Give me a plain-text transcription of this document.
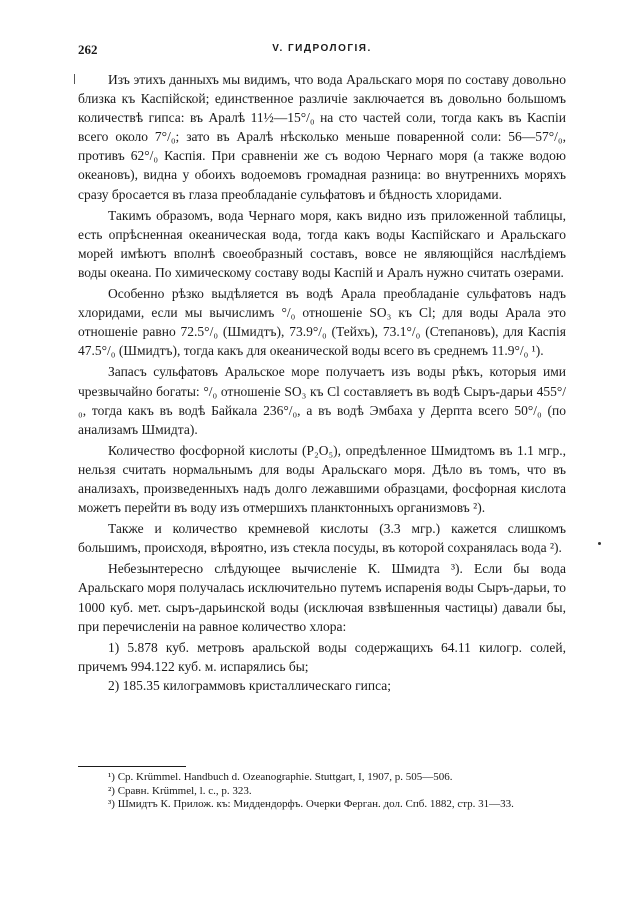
262	V. ГИДРОЛОГІЯ.

Изъ этихъ данныхъ мы видимъ, что вода Аральскаго моря по составу довольно близка къ Каспійской; единственное различіе заключается въ довольно большомъ количествѣ гипса: въ Аралѣ 11½—15°/₀ на сто частей соли, тогда какъ въ Каспіи всего около 7°/₀; зато въ Аралѣ нѣсколько меньше поваренной соли: 56—57°/₀, противъ 62°/₀ Каспія. При сравненіи же съ водою Чернаго моря (а также водою океановъ), видна у обоихъ водоемовъ громадная разница: во внутреннихъ моряхъ сразу бросается въ глаза преобладаніе сульфатовъ и бѣдность хлоридами.

Такимъ образомъ, вода Чернаго моря, какъ видно изъ приложенной таблицы, есть опрѣсненная океаническая вода, тогда какъ воды Каспійскаго и Аральскаго морей имѣютъ вполнѣ своеобразный составъ, вовсе не являющійся наслѣдіемъ воды океана. По химическому составу воды Каспій и Аралъ нужно считать озерами.

Особенно рѣзко выдѣляется въ водѣ Арала преобладаніе сульфатовъ надъ хлоридами, если мы вычислимъ °/₀ отношеніе SO₃ къ Cl; для воды Арала это отношеніе равно 72.5°/₀ (Шмидтъ), 73.9°/₀ (Тейхъ), 73.1°/₀ (Степановъ), для Каспія 47.5°/₀ (Шмидтъ), тогда какъ для океанической воды всего въ среднемъ 11.9°/₀ ¹).

Запасъ сульфатовъ Аральское море получаетъ изъ воды рѣкъ, которыя ими чрезвычайно богаты: °/₀ отношеніе SO₃ къ Cl составляетъ въ водѣ Сыръ-дарьи 455°/₀, тогда какъ въ водѣ Байкала 236°/₀, а въ водѣ Эмбаха у Дерпта всего 50°/₀ (по анализамъ Шмидта).

Количество фосфорной кислоты (P₂O₅), опредѣленное Шмидтомъ въ 1.1 мгр., нельзя считать нормальнымъ для воды Аральскаго моря. Дѣло въ томъ, что въ анализахъ, произведенныхъ надъ долго лежавшими образцами, фосфорная кислота можетъ перейти въ воду изъ отмершихъ планктонныхъ организмовъ ²).

Также и количество кремневой кислоты (3.3 мгр.) кажется слишкомъ большимъ, происходя, вѣроятно, изъ стекла посуды, въ которой сохранялась вода ²).

Небезынтересно слѣдующее вычисленіе К. Шмидта ³). Если бы вода Аральскаго моря получалась исключительно путемъ испаренія воды Сыръ-дарьи, то 1000 куб. мет. сыръ-дарьинской воды (исключая взвѣшенныя частицы) давали бы, при перечисленіи на равное количество хлора:

1) 5.878 куб. метровъ аральской воды содержащихъ 64.11 килогр. солей, причемъ 994.122 куб. м. испарялись бы;

2) 185.35 килограммовъ кристаллическаго гипса;

¹) Ср. Krümmel. Handbuch d. Ozeanographie. Stuttgart, I, 1907, p. 505—506.
²) Сравн. Krümmel, l. c., p. 323.
³) Шмидтъ К. Прилож. къ: Миддендорфъ. Очерки Ферган. дол. Спб. 1882, стр. 31—33.
